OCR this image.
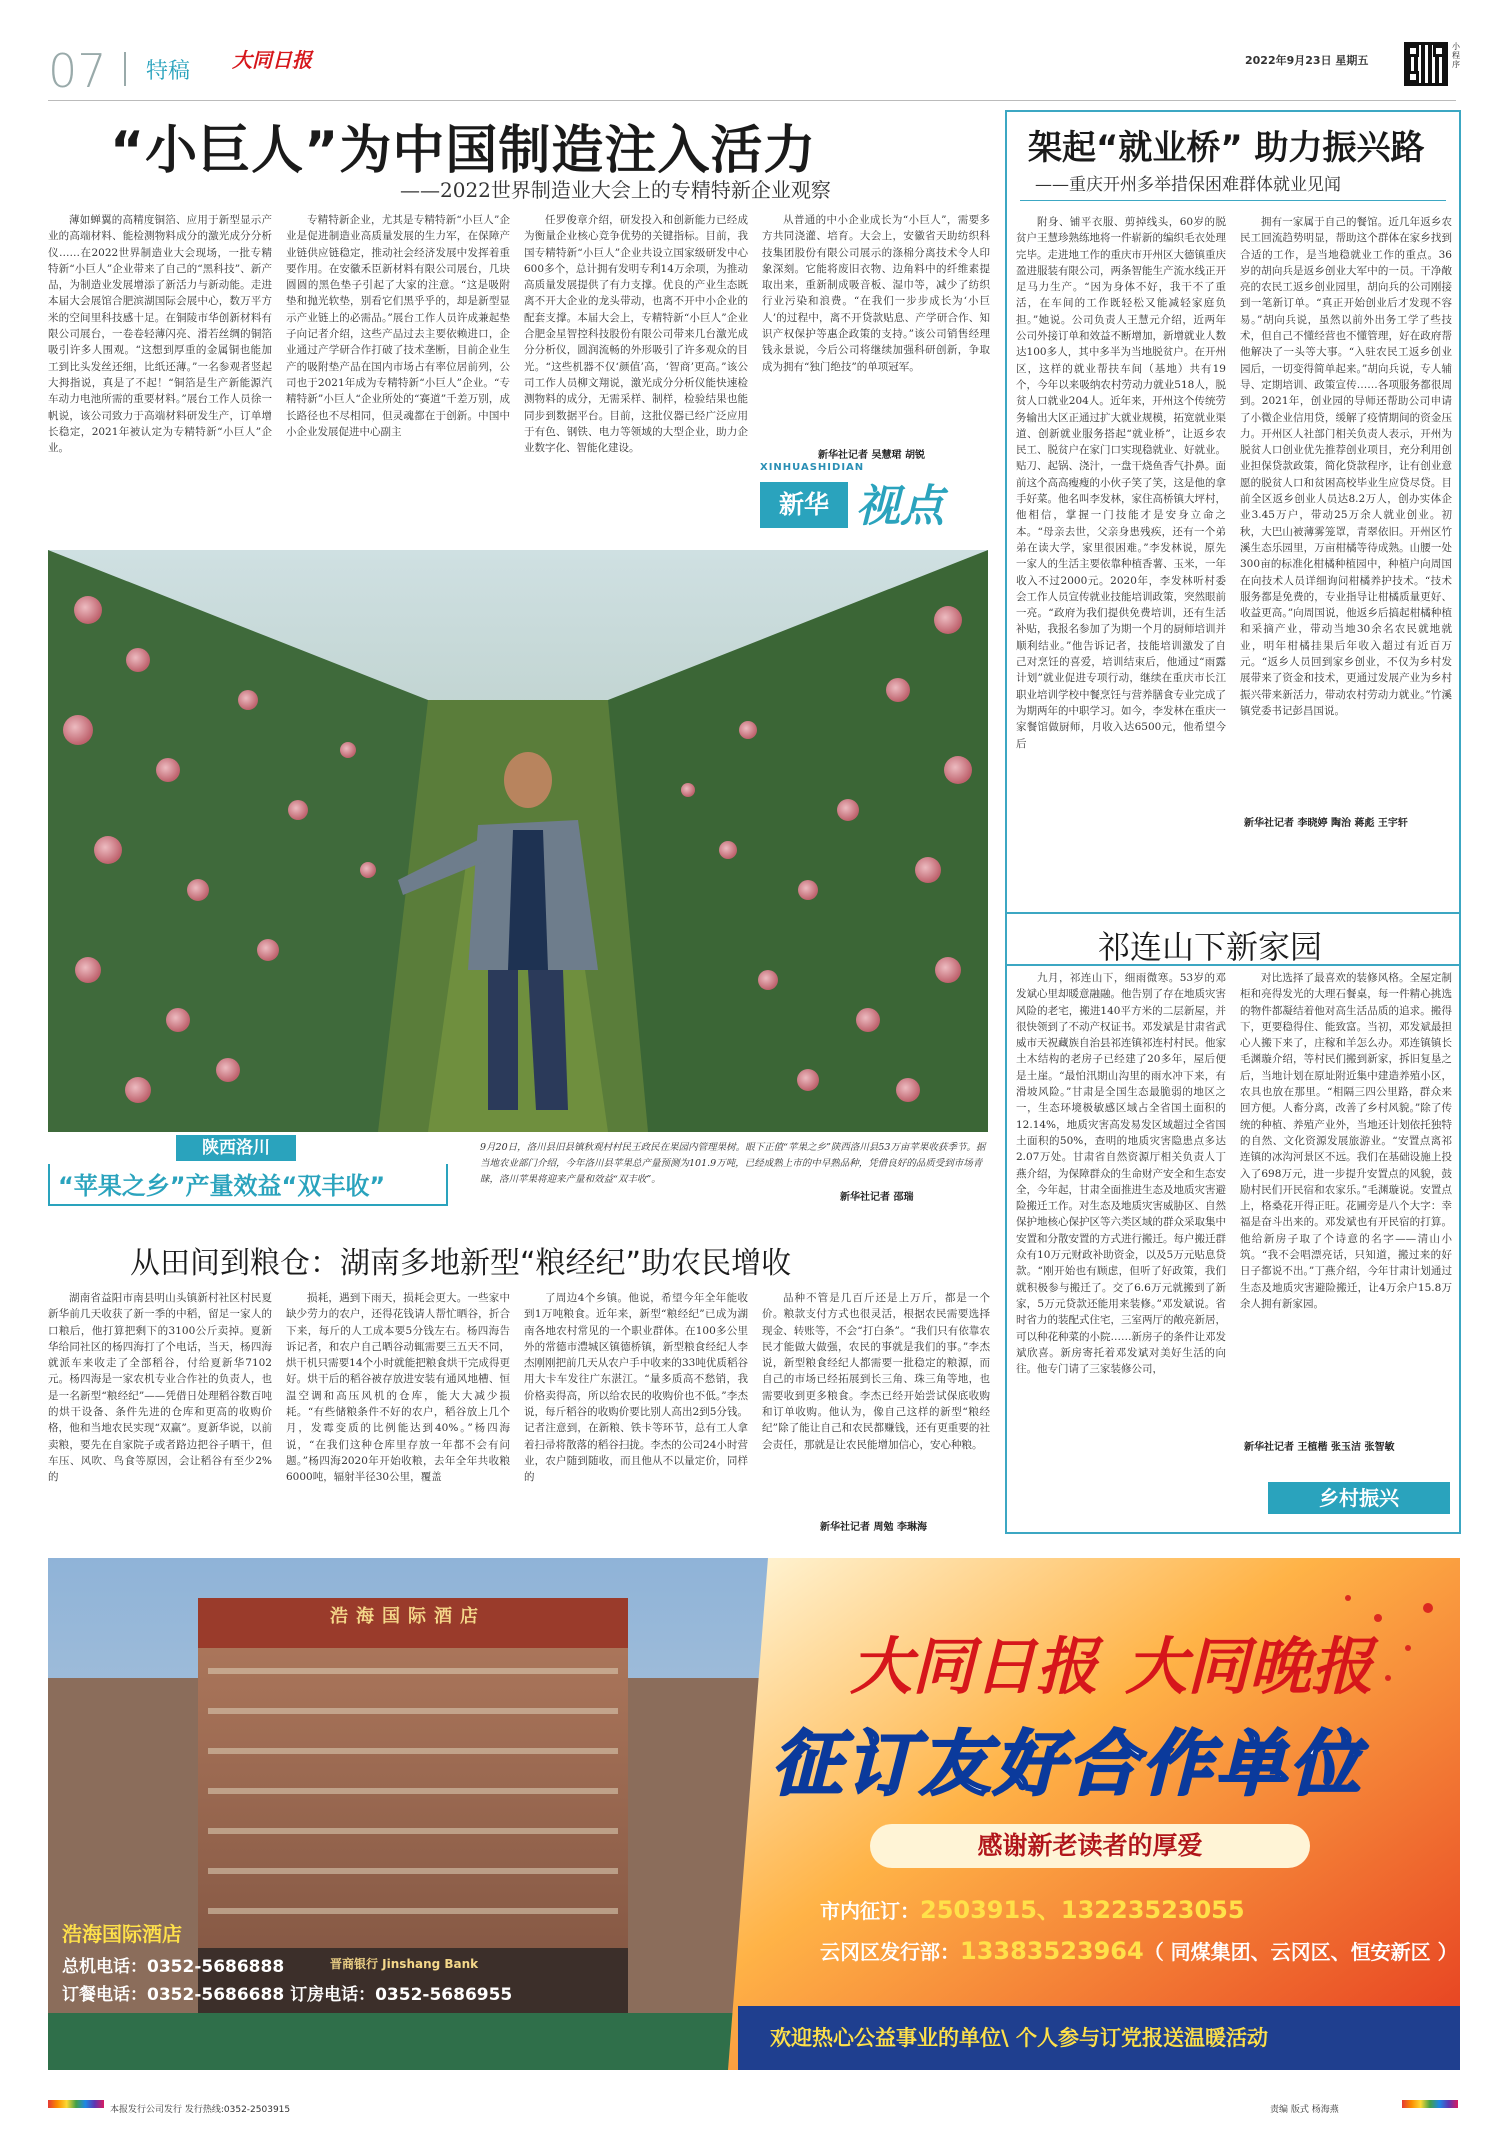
07 特稿 大同日报	2022年9月23日 星期五
小程序
“小巨人”为中国制造注入活力
——2022世界制造业大会上的专精特新企业观察

薄如蝉翼的高精度铜箔、应用于新型显示产业的高端材料、能检测物料成分的激光成分分析仪……在2022世界制造业大会现场，一批专精特新“小巨人”企业带来了自己的“黑科技”、新产品，为制造业发展增添了新活力与新动能。走进本届大会展馆合肥滨湖国际会展中心，数万平方米的空间里科技感十足。在铜陵市华创新材料有限公司展台，一卷卷轻薄闪亮、滑若丝绸的铜箔吸引许多人围观。“这想到厚重的金属铜也能加工到比头发丝还细，比纸还薄。”一名参观者竖起大拇指说，真是了不起！“铜箔是生产新能源汽车动力电池所需的重要材料。”展台工作人员徐一帆说，该公司致力于高端材料研发生产，订单增长稳定，2021年被认定为专精特新“小巨人”企业。

专精特新企业，尤其是专精特新“小巨人”企业是促进制造业高质量发展的生力军，在保障产业链供应链稳定，推动社会经济发展中发挥着重要作用。在安徽禾臣新材料有限公司展台，几块圆圆的黑色垫子引起了大家的注意。“这是吸附垫和抛光软垫，别看它们黑乎乎的，却是新型显示产业链上的必需品。”展台工作人员许成兼起垫子向记者介绍，这些产品过去主要依赖进口，企业通过产学研合作打破了技术垄断，目前企业生产的吸附垫产品在国内市场占有率位居前列，公司也于2021年成为专精特新“小巨人”企业。“专精特新”小巨人“企业所处的“赛道”千差万别，成长路径也不尽相同，但灵魂都在于创新。中国中小企业发展促进中心副主

任罗俊章介绍，研发投入和创新能力已经成为衡量企业核心竞争优势的关键指标。目前，我国专精特新“小巨人”企业共设立国家级研发中心600多个，总计拥有发明专利14万余项，为推动高质量发展提供了有力支撑。优良的产业生态既离不开大企业的龙头带动，也离不开中小企业的配套支撑。本届大会上，专精特新“小巨人”企业合肥金星智控科技股份有限公司带来几台激光成分分析仪，圆润流畅的外形吸引了许多观众的目光。“这些机器不仅‘颜值’高，‘智商’更高。”该公司工作人员柳文翔说，激光成分分析仪能快速检测物料的成分，无需采样、制样，检验结果也能同步到数据平台。目前，这批仪器已经广泛应用于有色、钢铁、电力等领域的大型企业，助力企业数字化、智能化建设。

从普通的中小企业成长为“小巨人”，需要多方共同浇灌、培育。大会上，安徽省天助纺织科技集团股份有限公司展示的涤棉分离技术令人印象深刻。它能将废旧衣物、边角料中的纤维素提取出来，重新制成吸音板、湿巾等，减少了纺织行业污染和浪费。“在我们一步步成长为‘小巨人’的过程中，离不开贷款贴息、产学研合作、知识产权保护等惠企政策的支持。”该公司销售经理钱永景说，今后公司将继续加强科研创新，争取成为拥有“独门绝技”的单项冠军。

新华社记者 吴慧珺 胡锐
XINHUASHIDIAN
新华 视点
陕西洛川
“苹果之乡”产量效益“双丰收”
9月20日，洛川县旧县镇秋观村村民王政民在果园内管理果树。眼下正值“苹果之乡”陕西洛川县53万亩苹果收获季节。据当地农业部门介绍，今年洛川县苹果总产量预测为101.9万吨，已经成熟上市的中早熟品种，凭借良好的品质受到市场青睐，洛川苹果将迎来产量和效益“双丰收”。
新华社记者 邵瑞
架起“就业桥” 助力振兴路
——重庆开州多举措保困难群体就业见闻

附身、铺平衣服、剪掉线头，60岁的脱贫户王慧珍熟练地将一件崭新的编织毛衣处理完毕。走进地工作的重庆市开州区大德镇重庆盈进服装有限公司，两条智能生产流水线正开足马力生产。“因为身体不好，我干不了重活，在车间的工作既轻松又能减轻家庭负担。”她说。公司负责人王慧元介绍，近两年公司外接订单和效益不断增加，新增就业人数达100多人，其中多半为当地脱贫户。在开州区，这样的就业帮扶车间（基地）共有19个，今年以来吸纳农村劳动力就业518人，脱贫人口就业204人。近年来，开州这个传统劳务输出大区正通过扩大就业规模，拓宽就业渠道、创新就业服务搭起“就业桥”，让返乡农民工、脱贫户在家门口实现稳就业、好就业。贴刀、起锅、浇汁，一盘干烧鱼香气扑鼻。面前这个高高瘦瘦的小伙子笑了笑，这是他的拿手好菜。他名叫李发林，家住高桥镇大坪村，他相信，掌握一门技能才是安身立命之本。“母亲去世，父亲身患残疾，还有一个弟弟在读大学，家里很困难。”李发林说，原先一家人的生活主要依靠种植香薯、玉米，一年收入不过2000元。2020年，李发林听村委会工作人员宣传就业技能培训政策，突然眼前一亮。“政府为我们提供免费培训，还有生活补贴，我报名参加了为期一个月的厨师培训并顺利结业。”他告诉记者，技能培训激发了自己对烹饪的喜爱，培训结束后，他通过“雨露计划”就业促进专项行动，继续在重庆市长江职业培训学校中餐烹饪与营养膳食专业完成了为期两年的中职学习。如今，李发林在重庆一家餐馆做厨师，月收入达6500元，他希望今后

拥有一家属于自己的餐馆。近几年返乡农民工回流趋势明显，帮助这个群体在家乡找到合适的工作，是当地稳就业工作的重点。36岁的胡向兵是返乡创业大军中的一员。干净敞亮的农民工返乡创业园里，胡向兵的公司刚接到一笔新订单。“真正开始创业后才发现不容易。”胡向兵说，虽然以前外出务工学了些技术，但自己不懂经营也不懂管理，好在政府帮他解决了一头等大事。“入驻农民工返乡创业园后，一切变得简单起来。”胡向兵说，专人辅导、定期培训、政策宣传……各项服务都很周到。2021年，创业园的导师还帮助公司申请了小微企业信用贷，缓解了疫情期间的资金压力。开州区人社部门相关负责人表示，开州为脱贫人口创业优先推荐创业项目，充分利用创业担保贷款政策，简化贷款程序，让有创业意愿的脱贫人口和贫困高校毕业生应贷尽贷。目前全区返乡创业人员达8.2万人，创办实体企业3.45万户，带动25万余人就业创业。初秋，大巴山被薄雾笼罩，青翠依旧。开州区竹溪生态乐园里，万亩柑橘等待成熟。山腰一处300亩的标准化柑橘种植园中，种植户向周国在向技术人员详细询问柑橘养护技术。“技术服务都是免费的，专业指导让柑橘质量更好、收益更高。”向周国说，他返乡后搞起柑橘种植和采摘产业，带动当地30余名农民就地就业，明年柑橘挂果后年收入超过有近百万元。“返乡人员回到家乡创业，不仅为乡村发展带来了资金和技术，更通过发展产业为乡村振兴带来新活力，带动农村劳动力就业。”竹溪镇党委书记彭昌国说。

新华社记者 李晓婷 陶治 蒋彪 王宇轩
祁连山下新家园

九月，祁连山下，细雨微寒。53岁的邓发斌心里却暖意融融。他告别了存在地质灾害风险的老宅，搬进140平方米的二层新屋，并很快领到了不动产权证书。邓发斌是甘肃省武威市天祝藏族自治县祁连镇祁连村村民。他家土木结构的老房子已经建了20多年，屋后便是土崖。“最怕汛期山沟里的雨水冲下来，有滑坡风险。”甘肃是全国生态最脆弱的地区之一，生态环境极敏感区域占全省国土面积的12.14%，地质灾害高发易发区域超过全省国土面积的50%，查明的地质灾害隐患点多达2.07万处。甘肃省自然资源厅相关负责人丁燕介绍，为保障群众的生命财产安全和生态安全，今年起，甘肃全面推进生态及地质灾害避险搬迁工作。对生态及地质灾害威胁区、自然保护地核心保护区等六类区域的群众采取集中安置和分散安置的方式进行搬迁。每户搬迁群众有10万元财政补助资金，以及5万元贴息贷款。“刚开始也有顾虑，但听了好政策，我们就积极参与搬迁了。交了6.6万元就搬到了新家，5万元贷款还能用来装修。”邓发斌说。省时省力的装配式住宅，三室两厅的敞亮新居，可以种花种菜的小院……新房子的条件让邓发斌欣喜。新房寄托着邓发斌对美好生活的向往。他专门请了三家装修公司，

对比选择了最喜欢的装修风格。全屋定制柜和亮得发光的大理石餐桌，每一件精心挑选的物件都凝结着他对高生活品质的追求。搬得下，更要稳得住、能致富。当初，邓发斌最担心人搬下来了，庄稼和羊怎么办。邓连镇镇长毛渊璇介绍，等村民们搬到新家，拆旧复垦之后，当地计划在原址附近集中建造养殖小区，农具也放在那里。“相隔三四公里路，群众来回方便。人畜分离，改善了乡村风貌。”除了传统的种植、养殖产业外，当地还计划依托独特的自然、文化资源发展旅游业。“安置点离祁连镇的冰沟河景区不远。我们在基础设施上投入了698万元，进一步提升安置点的风貌，鼓励村民们开民宿和农家乐。”毛渊璇说。安置点上，格桑花开得正旺。花圃旁是八个大字：幸福是奋斗出来的。邓发斌也有开民宿的打算。他给新房子取了个诗意的名字——清山小筑。“我不会唱漂亮话，只知道，搬过来的好日子都说不出。”丁燕介绍，今年甘肃计划通过生态及地质灾害避险搬迁，让4万余户15.8万余人拥有新家园。

新华社记者 王植楷 张玉洁 张智敏
乡村振兴
从田间到粮仓：湖南多地新型“粮经纪”助农民增收

湖南省益阳市南县明山头镇新村社区村民夏新华前几天收获了新一季的中稻，留足一家人的口粮后，他打算把剩下的3100公斤卖掉。夏新华给同社区的杨四海打了个电话，当天，杨四海就派车来收走了全部稻谷，付给夏新华7102元。杨四海是一家农机专业合作社的负责人，也是一名新型“粮经纪”——凭借日处理稻谷数百吨的烘干设备、条件先进的仓库和更高的收购价格，他和当地农民实现“双赢”。夏新华说，以前卖粮，要先在自家院子或者路边把谷子晒干，但车压、风吹、鸟食等原因，会让稻谷有至少2%的

损耗，遇到下雨天，损耗会更大。一些家中缺少劳力的农户，还得花钱请人帮忙晒谷，折合下来，每斤的人工成本要5分钱左右。杨四海告诉记者，和农户自己晒谷动辄需要三五天不同，烘干机只需要14个小时就能把粮食烘干完成得更好。烘干后的稻谷被存放进安装有通风地槽、恒温空调和高压风机的仓库，能大大减少损耗。“有些储粮条件不好的农户，稻谷放上几个月，发霉变质的比例能达到40%。”杨四海说，“在我们这种仓库里存放一年都不会有问题。”杨四海2020年开始收粮，去年全年共收粮6000吨，辐射半径30公里，覆盖

了周边4个乡镇。他说，希望今年全年能收到1万吨粮食。近年来，新型“粮经纪”已成为湖南各地农村常见的一个职业群体。在100多公里外的常德市澧城区镇德桥镇，新型粮食经纪人李杰刚刚把前几天从农户手中收来的33吨优质稻谷用大卡车发往广东湛江。“量多质高不愁销，我价格卖得高，所以给农民的收购价也不低。”李杰说，每斤稻谷的收购价要比别人高出2到5分钱。记者注意到，在新粮、铁卡等环节，总有工人拿着扫帚将散落的稻谷扫拢。李杰的公司24小时营业，农户随到随收，而且他从不以量定价，同样的

品种不管是几百斤还是上万斤，都是一个价。粮款支付方式也很灵活，根据农民需要选择现金、转账等，不会“打白条”。“我们只有依靠农民才能做大做强，农民的事就是我们的事。”李杰说，新型粮食经纪人都需要一批稳定的粮源，而自己的市场已经拓展到长三角、珠三角等地，也需要收到更多粮食。李杰已经开始尝试保底收购和订单收购。他认为，像自己这样的新型“粮经纪”除了能让自己和农民都赚钱，还有更重要的社会责任，那就是让农民能增加信心，安心种粮。

新华社记者 周勉 李琳海
浩海国际酒店
晋商银行 Jinshang Bank
浩海国际酒店
总机电话：0352-5686888
订餐电话：0352-5686688 订房电话：0352-5686955
大同日报 大同晚报
征订友好合作单位
感谢新老读者的厚爱
市内征订：2503915、13223523055
云冈区发行部：13383523964（ 同煤集团、云冈区、恒安新区 ）
欢迎热心公益事业的单位\ 个人参与订党报送温暖活动
本报发行公司发行 发行热线:0352-2503915	责编 版式 杨海燕
